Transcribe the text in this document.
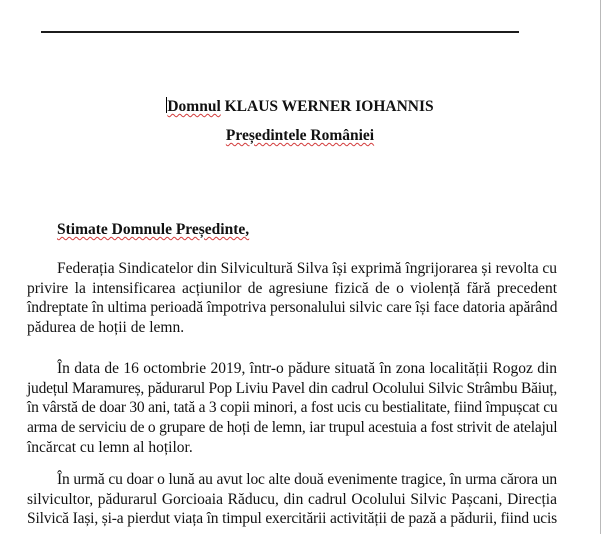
Domnul KLAUS WERNER IOHANNIS
Președintele României
Stimate Domnule Președinte,
Federația Sindicatelor din Silvicultură Silva își exprimă îngrijorarea și revolta cu
privire la intensificarea acțiunilor de agresiune fizică de o violență fără precedent
îndreptate în ultima perioadă împotriva personalului silvic care își face datoria apărând
pădurea de hoții de lemn.
În data de 16 octombrie 2019, într-o pădure situată în zona localității Rogoz din
județul Maramureș, pădurarul Pop Liviu Pavel din cadrul Ocolului Silvic Strâmbu Băiuț,
în vârstă de doar 30 ani, tată a 3 copii minori, a fost ucis cu bestialitate, fiind împușcat cu
arma de serviciu de o grupare de hoți de lemn, iar trupul acestuia a fost strivit de atelajul
încărcat cu lemn al hoților.
În urmă cu doar o lună au avut loc alte două evenimente tragice, în urma cărora un
silvicultor, pădurarul Gorcioaia Răducu, din cadrul Ocolului Silvic Pașcani, Direcția
Silvică Iași, și-a pierdut viața în timpul exercitării activității de pază a pădurii, fiind ucis
